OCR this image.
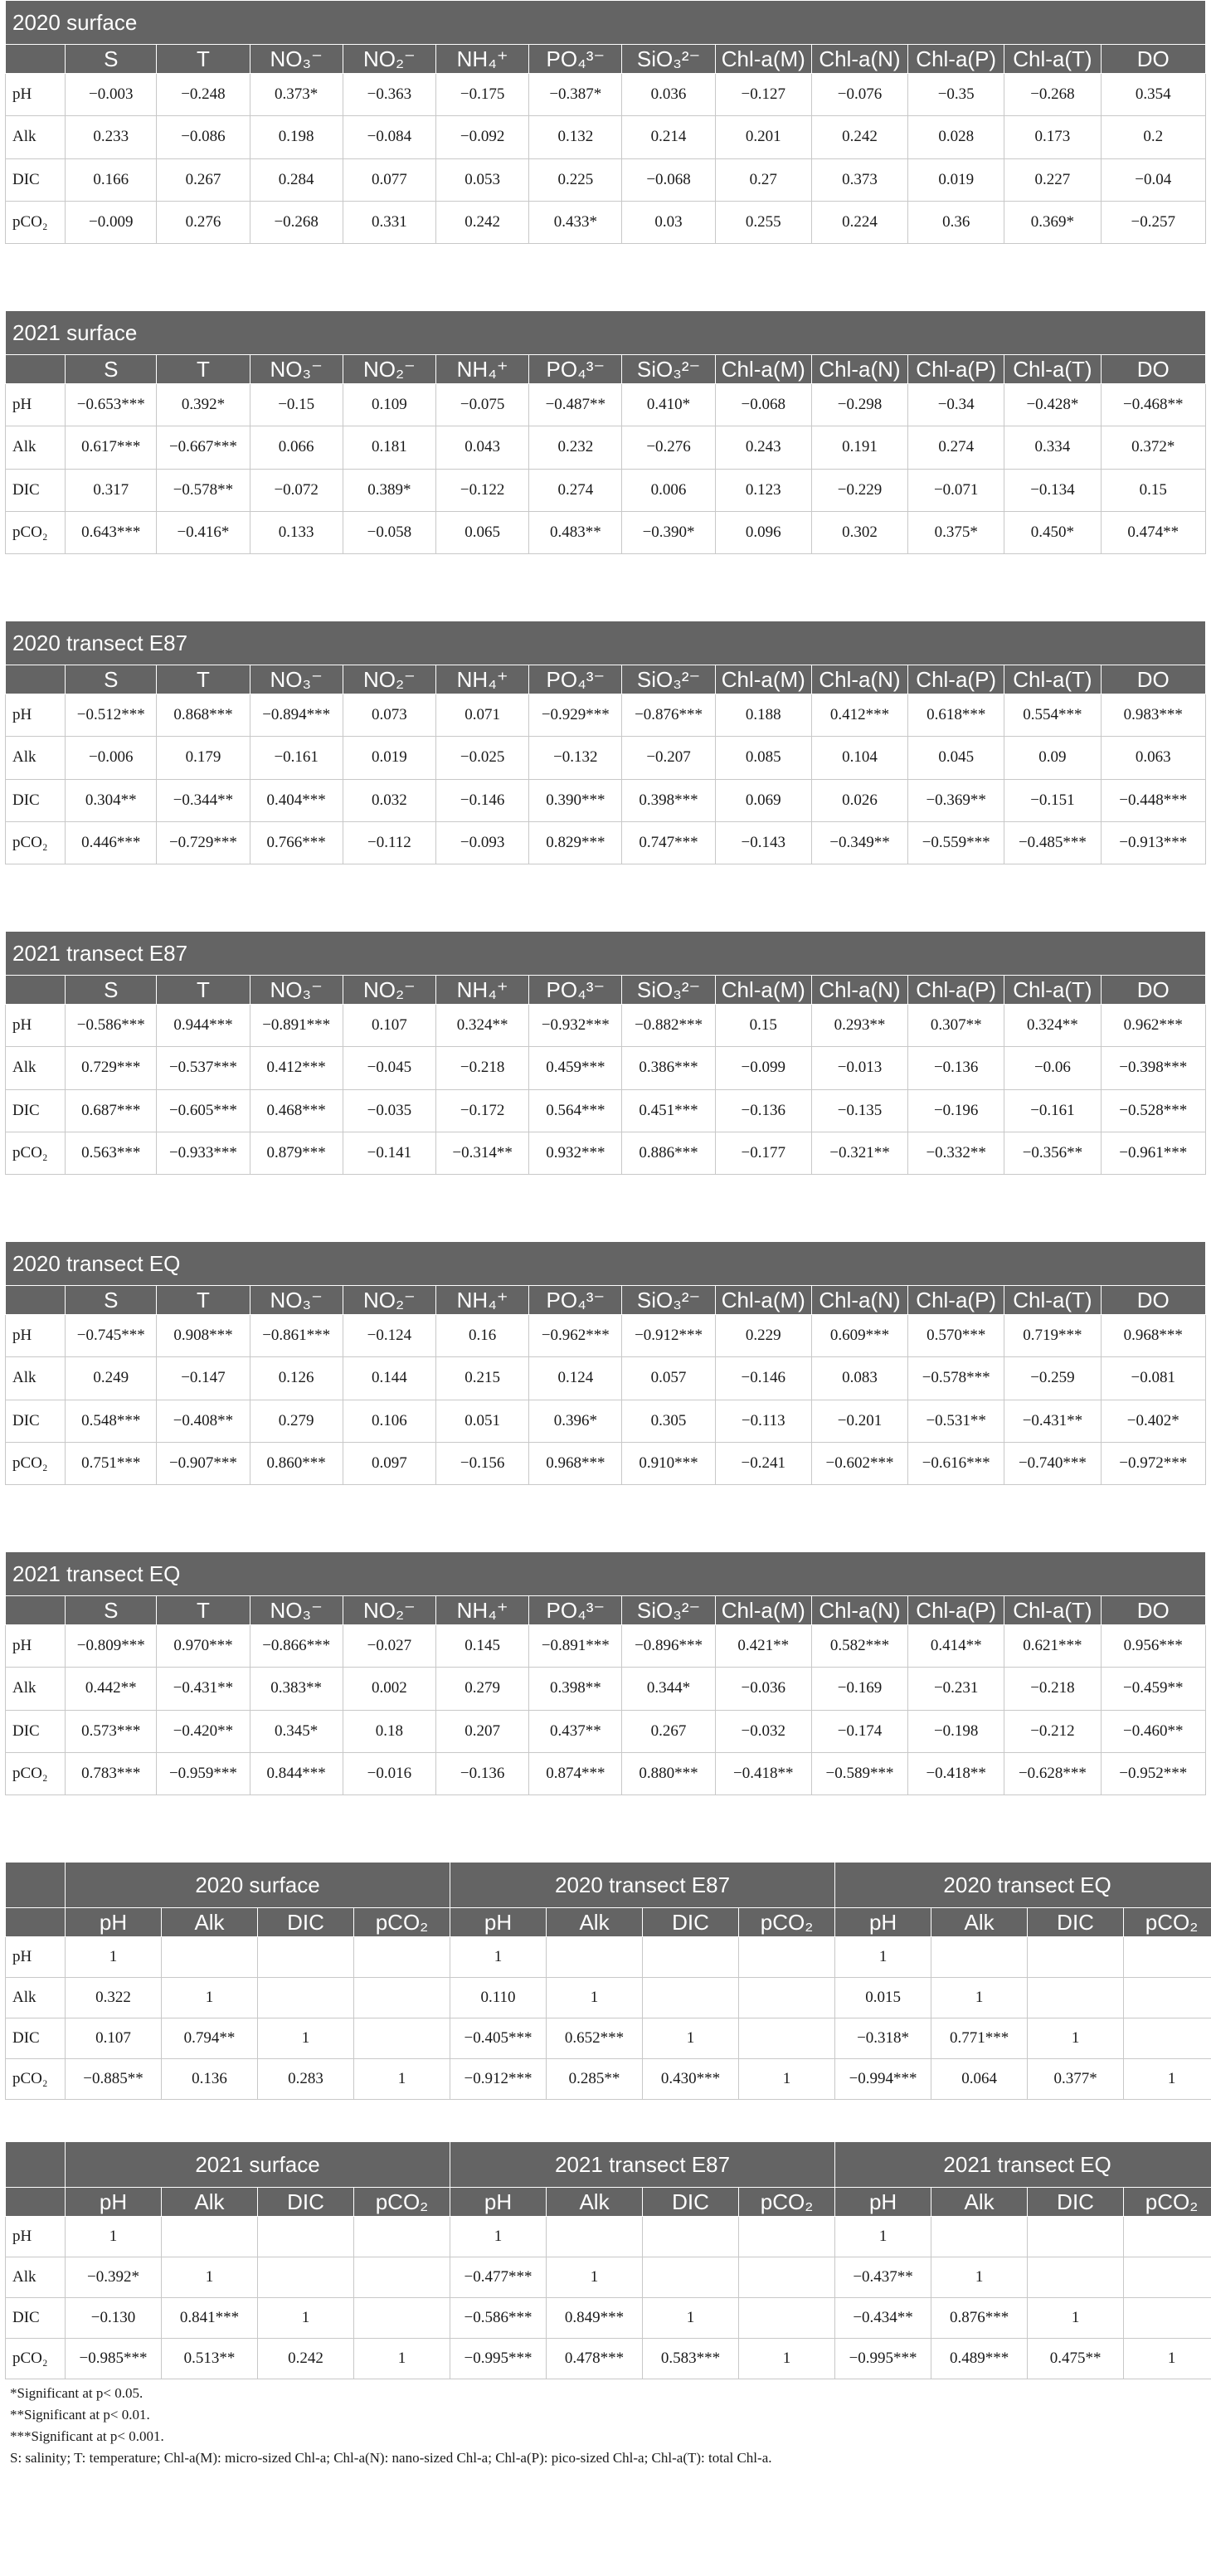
2020 surface												
	S	T	NO₃⁻	NO₂⁻	NH₄⁺	PO₄³⁻	SiO₃²⁻	Chl-a(M)	Chl-a(N)	Chl-a(P)	Chl-a(T)	DO
pH	−0.003	−0.248	0.373*	−0.363	−0.175	−0.387*	0.036	−0.127	−0.076	−0.35	−0.268	0.354
Alk	0.233	−0.086	0.198	−0.084	−0.092	0.132	0.214	0.201	0.242	0.028	0.173	0.2
DIC	0.166	0.267	0.284	0.077	0.053	0.225	−0.068	0.27	0.373	0.019	0.227	−0.04
pCO₂	−0.009	0.276	−0.268	0.331	0.242	0.433*	0.03	0.255	0.224	0.36	0.369*	−0.257
2021 surface												
	S	T	NO₃⁻	NO₂⁻	NH₄⁺	PO₄³⁻	SiO₃²⁻	Chl-a(M)	Chl-a(N)	Chl-a(P)	Chl-a(T)	DO
pH	−0.653***	0.392*	−0.15	0.109	−0.075	−0.487**	0.410*	−0.068	−0.298	−0.34	−0.428*	−0.468**
Alk	0.617***	−0.667***	0.066	0.181	0.043	0.232	−0.276	0.243	0.191	0.274	0.334	0.372*
DIC	0.317	−0.578**	−0.072	0.389*	−0.122	0.274	0.006	0.123	−0.229	−0.071	−0.134	0.15
pCO₂	0.643***	−0.416*	0.133	−0.058	0.065	0.483**	−0.390*	0.096	0.302	0.375*	0.450*	0.474**
2020 transect E87												
	S	T	NO₃⁻	NO₂⁻	NH₄⁺	PO₄³⁻	SiO₃²⁻	Chl-a(M)	Chl-a(N)	Chl-a(P)	Chl-a(T)	DO
pH	−0.512***	0.868***	−0.894***	0.073	0.071	−0.929***	−0.876***	0.188	0.412***	0.618***	0.554***	0.983***
Alk	−0.006	0.179	−0.161	0.019	−0.025	−0.132	−0.207	0.085	0.104	0.045	0.09	0.063
DIC	0.304**	−0.344**	0.404***	0.032	−0.146	0.390***	0.398***	0.069	0.026	−0.369**	−0.151	−0.448***
pCO₂	0.446***	−0.729***	0.766***	−0.112	−0.093	0.829***	0.747***	−0.143	−0.349**	−0.559***	−0.485***	−0.913***
2021 transect E87												
	S	T	NO₃⁻	NO₂⁻	NH₄⁺	PO₄³⁻	SiO₃²⁻	Chl-a(M)	Chl-a(N)	Chl-a(P)	Chl-a(T)	DO
pH	−0.586***	0.944***	−0.891***	0.107	0.324**	−0.932***	−0.882***	0.15	0.293**	0.307**	0.324**	0.962***
Alk	0.729***	−0.537***	0.412***	−0.045	−0.218	0.459***	0.386***	−0.099	−0.013	−0.136	−0.06	−0.398***
DIC	0.687***	−0.605***	0.468***	−0.035	−0.172	0.564***	0.451***	−0.136	−0.135	−0.196	−0.161	−0.528***
pCO₂	0.563***	−0.933***	0.879***	−0.141	−0.314**	0.932***	0.886***	−0.177	−0.321**	−0.332**	−0.356**	−0.961***
2020 transect EQ												
	S	T	NO₃⁻	NO₂⁻	NH₄⁺	PO₄³⁻	SiO₃²⁻	Chl-a(M)	Chl-a(N)	Chl-a(P)	Chl-a(T)	DO
pH	−0.745***	0.908***	−0.861***	−0.124	0.16	−0.962***	−0.912***	0.229	0.609***	0.570***	0.719***	0.968***
Alk	0.249	−0.147	0.126	0.144	0.215	0.124	0.057	−0.146	0.083	−0.578***	−0.259	−0.081
DIC	0.548***	−0.408**	0.279	0.106	0.051	0.396*	0.305	−0.113	−0.201	−0.531**	−0.431**	−0.402*
pCO₂	0.751***	−0.907***	0.860***	0.097	−0.156	0.968***	0.910***	−0.241	−0.602***	−0.616***	−0.740***	−0.972***
2021 transect EQ												
	S	T	NO₃⁻	NO₂⁻	NH₄⁺	PO₄³⁻	SiO₃²⁻	Chl-a(M)	Chl-a(N)	Chl-a(P)	Chl-a(T)	DO
pH	−0.809***	0.970***	−0.866***	−0.027	0.145	−0.891***	−0.896***	0.421**	0.582***	0.414**	0.621***	0.956***
Alk	0.442**	−0.431**	0.383**	0.002	0.279	0.398**	0.344*	−0.036	−0.169	−0.231	−0.218	−0.459**
DIC	0.573***	−0.420**	0.345*	0.18	0.207	0.437**	0.267	−0.032	−0.174	−0.198	−0.212	−0.460**
pCO₂	0.783***	−0.959***	0.844***	−0.016	−0.136	0.874***	0.880***	−0.418**	−0.589***	−0.418**	−0.628***	−0.952***
	2020 surface				2020 transect E87				2020 transect EQ			
	pH	Alk	DIC	pCO₂	pH	Alk	DIC	pCO₂	pH	Alk	DIC	pCO₂
pH	1				1				1			
Alk	0.322	1			0.110	1			0.015	1		
DIC	0.107	0.794**	1		−0.405***	0.652***	1		−0.318*	0.771***	1	
pCO₂	−0.885**	0.136	0.283	1	−0.912***	0.285**	0.430***	1	−0.994***	0.064	0.377*	1
	2021 surface				2021 transect E87				2021 transect EQ			
	pH	Alk	DIC	pCO₂	pH	Alk	DIC	pCO₂	pH	Alk	DIC	pCO₂
pH	1				1				1			
Alk	−0.392*	1			−0.477***	1			−0.437**	1		
DIC	−0.130	0.841***	1		−0.586***	0.849***	1		−0.434**	0.876***	1	
pCO₂	−0.985***	0.513**	0.242	1	−0.995***	0.478***	0.583***	1	−0.995***	0.489***	0.475**	1
*Significant at p< 0.05.
**Significant at p< 0.01.
***Significant at p< 0.001.
S: salinity; T: temperature; Chl-a(M): micro-sized Chl-a; Chl-a(N): nano-sized Chl-a; Chl-a(P): pico-sized Chl-a; Chl-a(T): total Chl-a.
